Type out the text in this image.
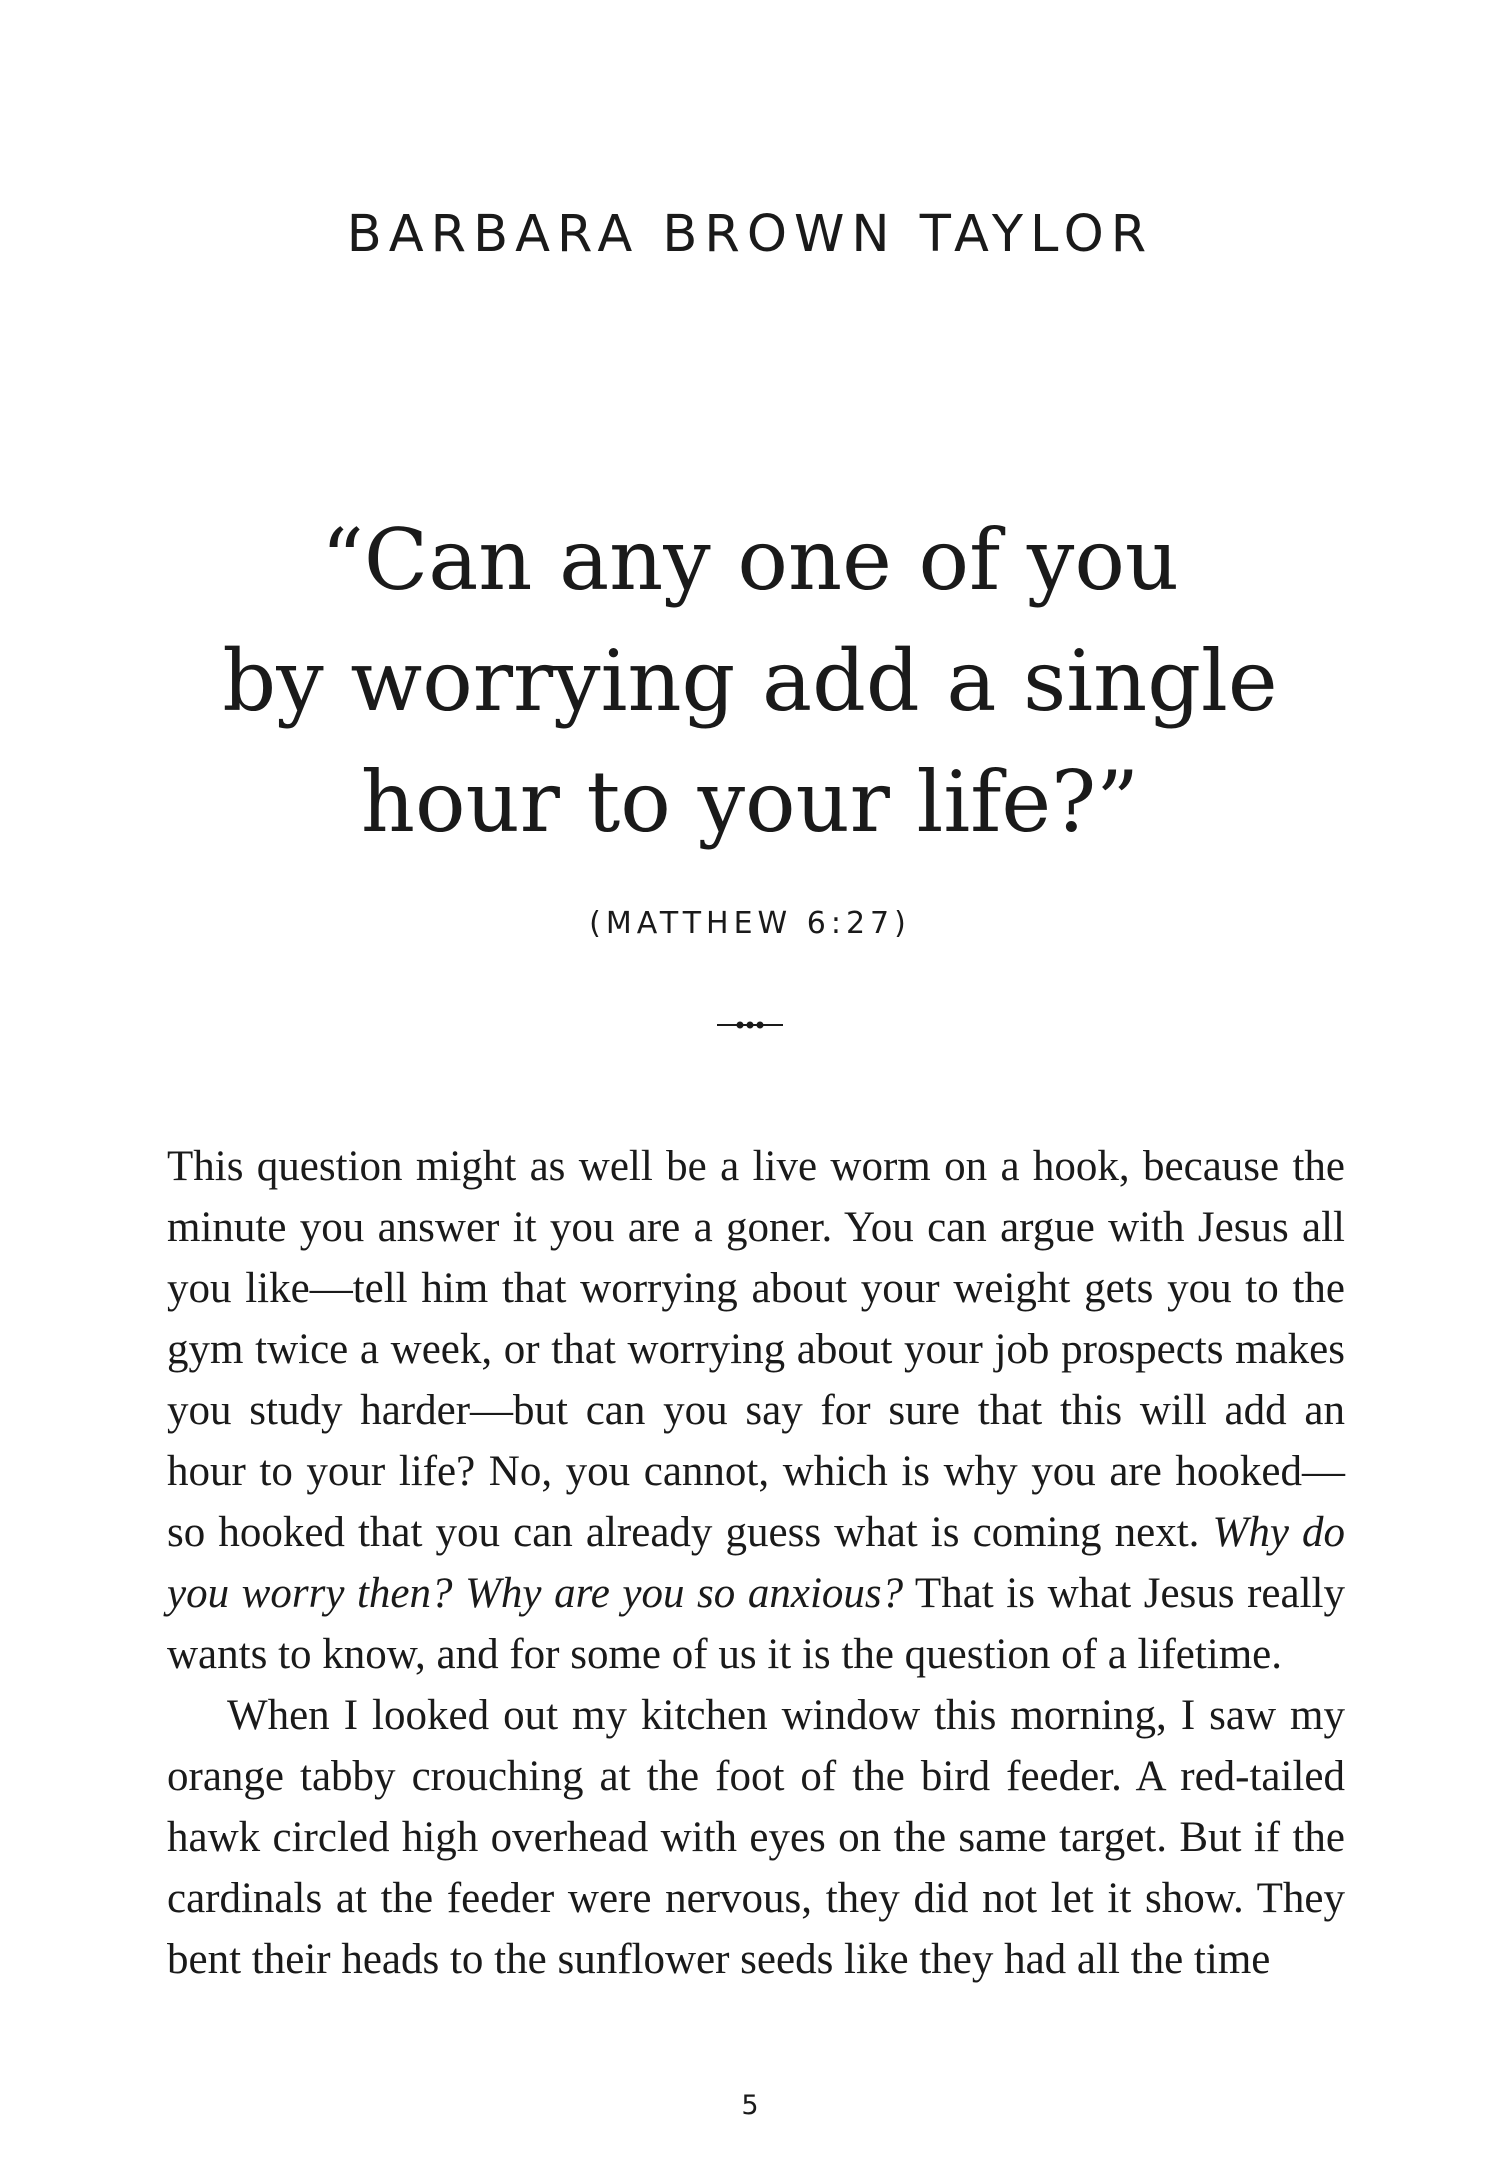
BARBARA BROWN TAYLOR
“Can any one of you
by worrying add a single
hour to your life?”
(MATTHEW 6:27)

This question might as well be a live worm on a hook, because the minute you answer it you are a goner. You can argue with Jesus all you like—tell him that worrying about your weight gets you to the gym twice a week, or that worrying about your job prospects makes you study harder—but can you say for sure that this will add an hour to your life? No, you cannot, which is why you are hooked—so hooked that you can already guess what is coming next. Why do you worry then? Why are you so anxious? That is what Jesus really wants to know, and for some of us it is the question of a lifetime.

When I looked out my kitchen window this morning, I saw my orange tabby crouching at the foot of the bird feeder. A red-tailed hawk circled high overhead with eyes on the same target. But if the cardinals at the feeder were nervous, they did not let it show. They bent their heads to the sunflower seeds like they had all the time

5
